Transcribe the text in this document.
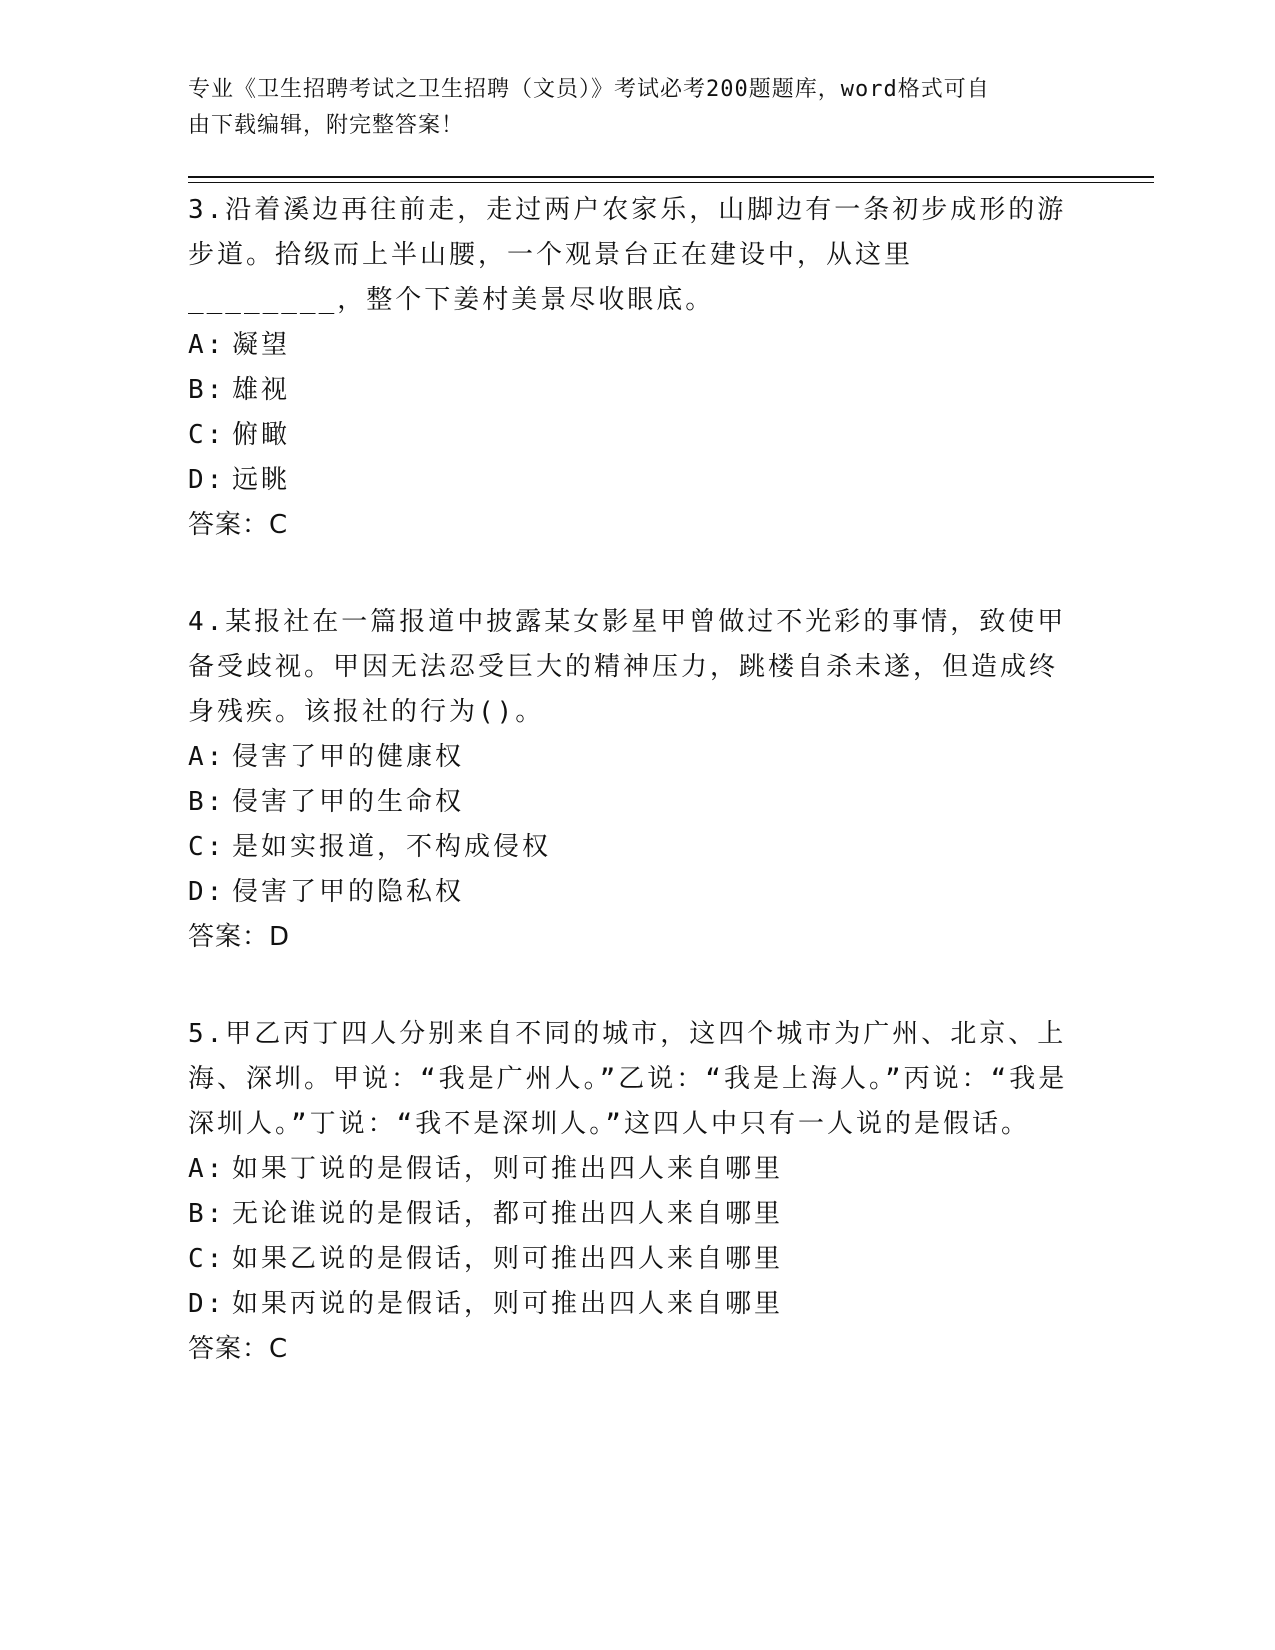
专业《卫生招聘考试之卫生招聘（文员）》考试必考200题题库，word格式可自
由下载编辑，附完整答案！

3.沿着溪边再往前走，走过两户农家乐，山脚边有一条初步成形的游步道。拾级而上半山腰，一个观景台正在建设中，从这里________，整个下姜村美景尽收眼底。

A: 凝望

B: 雄视

C: 俯瞰

D: 远眺

答案：C

4.某报社在一篇报道中披露某女影星甲曾做过不光彩的事情，致使甲备受歧视。甲因无法忍受巨大的精神压力，跳楼自杀未遂，但造成终身残疾。该报社的行为()。

A: 侵害了甲的健康权

B: 侵害了甲的生命权

C: 是如实报道，不构成侵权

D: 侵害了甲的隐私权

答案：D

5.甲乙丙丁四人分别来自不同的城市，这四个城市为广州、北京、上海、深圳。甲说：“我是广州人。”乙说：“我是上海人。”丙说：“我是深圳人。”丁说：“我不是深圳人。”这四人中只有一人说的是假话。

A: 如果丁说的是假话，则可推出四人来自哪里

B: 无论谁说的是假话，都可推出四人来自哪里

C: 如果乙说的是假话，则可推出四人来自哪里

D: 如果丙说的是假话，则可推出四人来自哪里

答案：C
